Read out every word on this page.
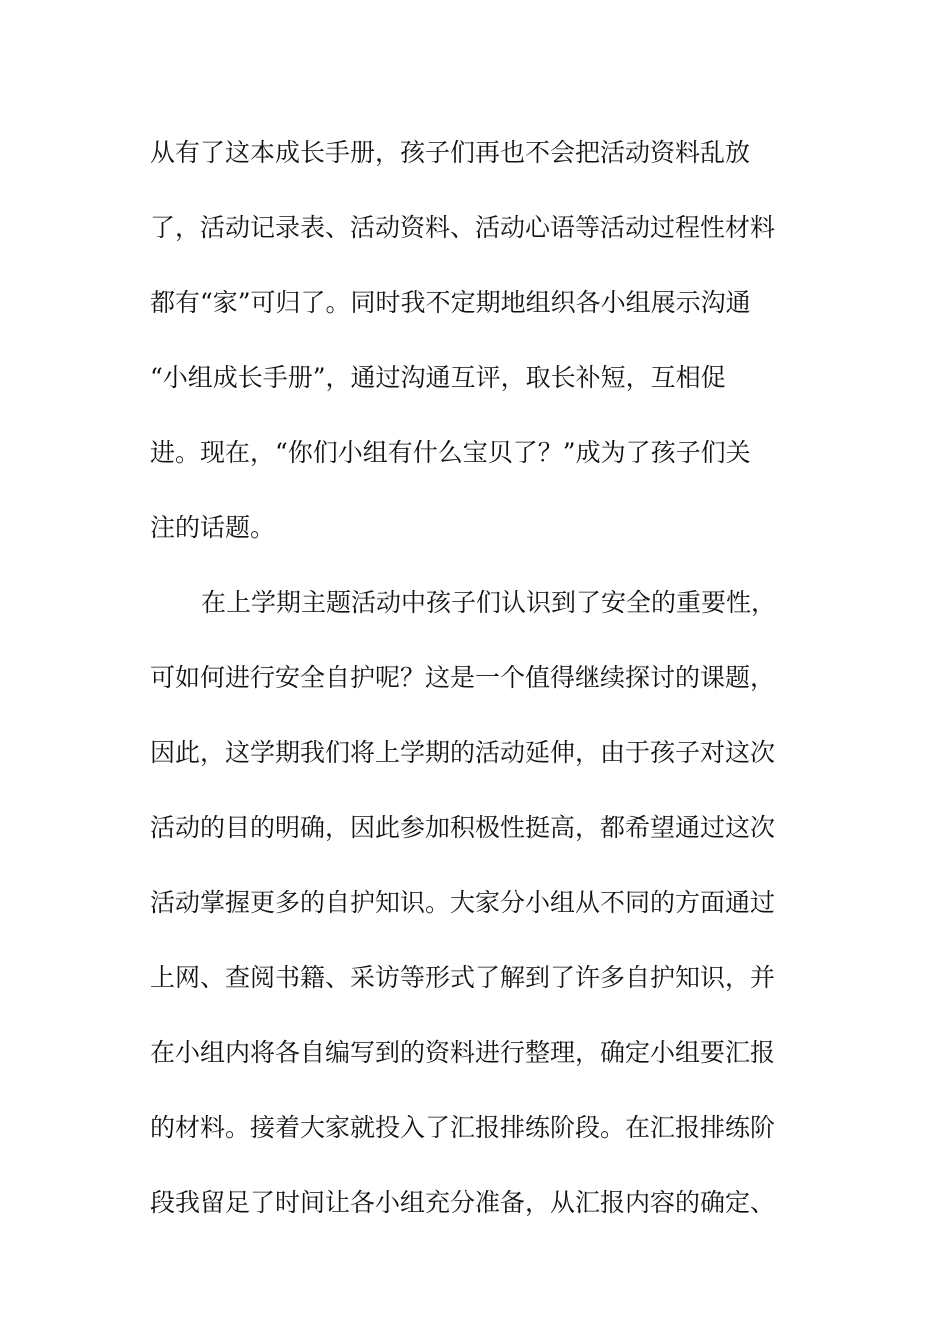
从有了这本成长手册，孩子们再也不会把活动资料乱放
了，活动记录表、活动资料、活动心语等活动过程性材料
都有“家”可归了。同时我不定期地组织各小组展示沟通
“小组成长手册”，通过沟通互评，取长补短，互相促
进。现在，“你们小组有什么宝贝了？”成为了孩子们关
注的话题。
在上学期主题活动中孩子们认识到了安全的重要性，
可如何进行安全自护呢？这是一个值得继续探讨的课题，
因此，这学期我们将上学期的活动延伸，由于孩子对这次
活动的目的明确，因此参加积极性挺高，都希望通过这次
活动掌握更多的自护知识。大家分小组从不同的方面通过
上网、查阅书籍、采访等形式了解到了许多自护知识，并
在小组内将各自编写到的资料进行整理，确定小组要汇报
的材料。接着大家就投入了汇报排练阶段。在汇报排练阶
段我留足了时间让各小组充分准备，从汇报内容的确定、
